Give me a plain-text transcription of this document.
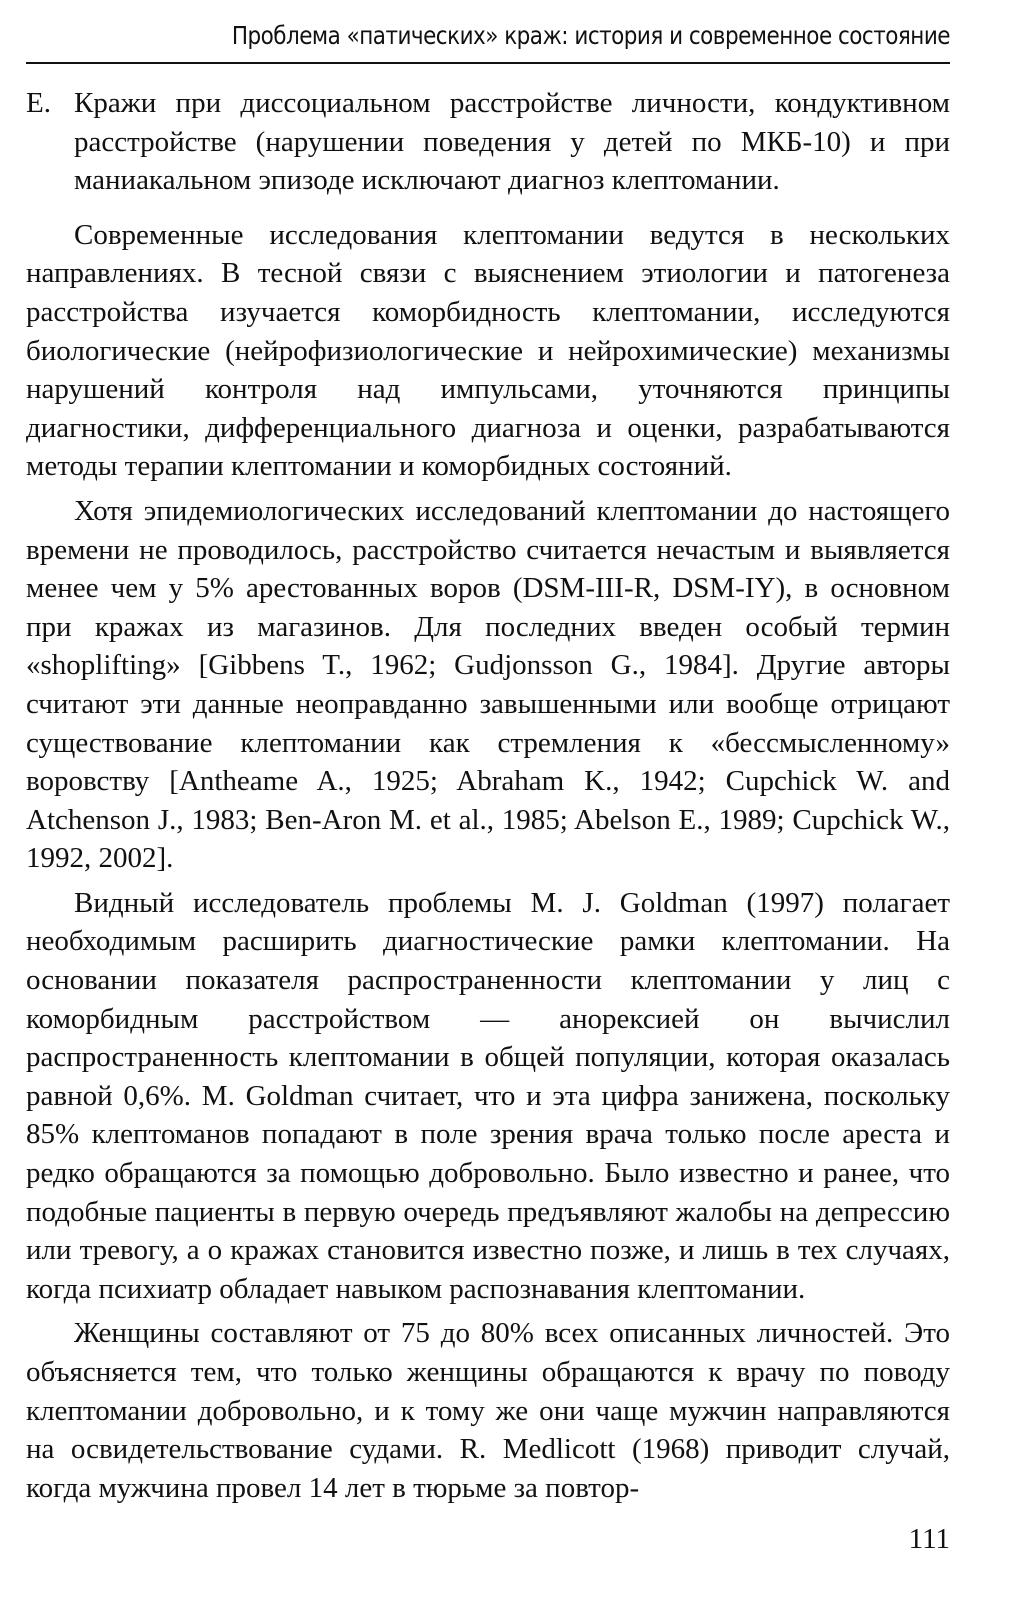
Проблема «патических» краж: история и современное состояние
Е. Кражи при диссоциальном расстройстве личности, кондуктивном расстройстве (нарушении поведения у детей по МКБ-10) и при маниакальном эпизоде исключают диагноз клептомании.

Современные исследования клептомании ведутся в нескольких направлениях. В тесной связи с выяснением этиологии и патогенеза расстройства изучается коморбидность клептомании, исследуются биологические (нейрофизиологические и нейрохимические) механизмы нарушений контроля над импульсами, уточняются принципы диагностики, дифференциального диагноза и оценки, разрабатываются методы терапии клептомании и коморбидных состояний.

Хотя эпидемиологических исследований клептомании до настоящего времени не проводилось, расстройство считается нечастым и выявляется менее чем у 5% арестованных воров (DSM-III-R, DSM-IY), в основном при кражах из магазинов. Для последних введен особый термин «shoplifting» [Gibbens T., 1962; Gudjonsson G., 1984]. Другие авторы считают эти данные неоправданно завышенными или вообще отрицают существование клептомании как стремления к «бессмысленному» воровству [Antheame A., 1925; Abraham K., 1942; Cupchick W. and Atchenson J., 1983; Ben-Aron M. et al., 1985; Abelson E., 1989; Cupchick W., 1992, 2002].

Видный исследователь проблемы M. J. Goldman (1997) полагает необходимым расширить диагностические рамки клептомании. На основании показателя распространенности клептомании у лиц с коморбидным расстройством — анорексией он вычислил распространенность клептомании в общей популяции, которая оказалась равной 0,6%. M. Goldman считает, что и эта цифра занижена, поскольку 85% клептоманов попадают в поле зрения врача только после ареста и редко обращаются за помощью добровольно. Было известно и ранее, что подобные пациенты в первую очередь предъявляют жалобы на депрессию или тревогу, а о кражах становится известно позже, и лишь в тех случаях, когда психиатр обладает навыком распознавания клептомании.

Женщины составляют от 75 до 80% всех описанных личностей. Это объясняется тем, что только женщины обращаются к врачу по поводу клептомании добровольно, и к тому же они чаще мужчин направляются на освидетельствование судами. R. Medlicott (1968) приводит случай, когда мужчина провел 14 лет в тюрьме за повтор-

111
